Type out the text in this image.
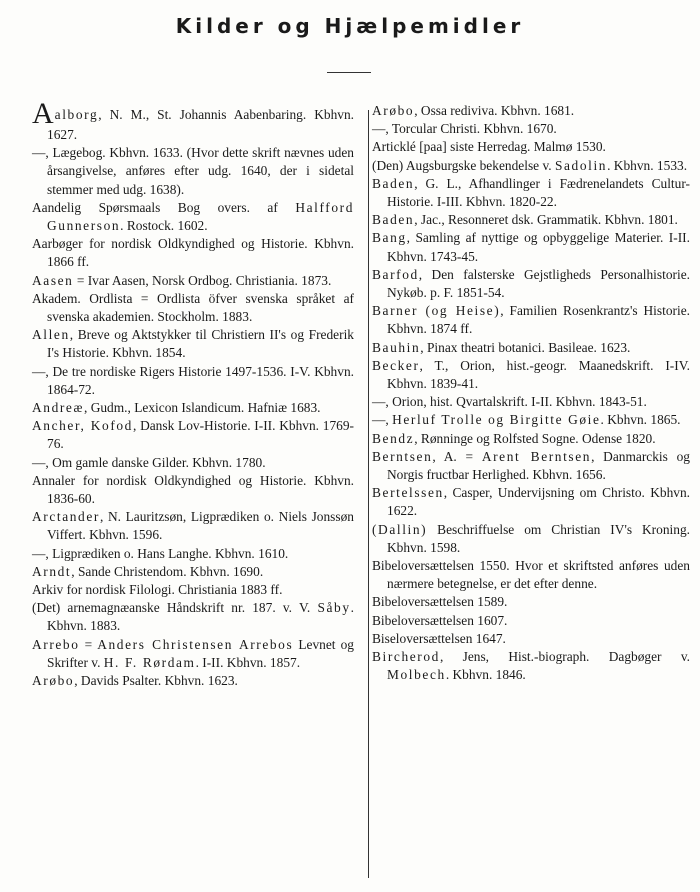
Kilder og Hjælpemidler
Aalborg, N. M., St. Johannis Aabenbaring. Kbhvn. 1627.
—, Lægebog. Kbhvn. 1633. (Hvor dette skrift nævnes uden årsangivelse, anføres efter udg. 1640, der i sidetal stemmer med udg. 1638).
Aandelig Spørsmaals Bog overs. af Halfford Gunnerson. Rostock. 1602.
Aarbøger for nordisk Oldkyndighed og Historie. Kbhvn. 1866 ff.
Aasen = Ivar Aasen, Norsk Ordbog. Christiania. 1873.
Akadem. Ordlista = Ordlista öfver svenska språket af svenska akademien. Stockholm. 1883.
Allen, Breve og Aktstykker til Christiern II's og Frederik I's Historie. Kbhvn. 1854.
—, De tre nordiske Rigers Historie 1497-1536. I-V. Kbhvn. 1864-72.
Andreæ, Gudm., Lexicon Islandicum. Hafniæ 1683.
Ancher, Kofod, Dansk Lov-Historie. I-II. Kbhvn. 1769-76.
—, Om gamle danske Gilder. Kbhvn. 1780.
Annaler for nordisk Oldkyndighed og Historie. Kbhvn. 1836-60.
Arctander, N. Lauritzsøn, Ligprædiken o. Niels Jonssøn Viffert. Kbhvn. 1596.
—, Ligprædiken o. Hans Langhe. Kbhvn. 1610.
Arndt, Sande Christendom. Kbhvn. 1690.
Arkiv for nordisk Filologi. Christiania 1883 ff.
(Det) arnemagnæanske Håndskrift nr. 187. v. V. Såby. Kbhvn. 1883.
Arrebo = Anders Christensen Arrebos Levnet og Skrifter v. H. F. Rørdam. I-II. Kbhvn. 1857.
Arøbo, Davids Psalter. Kbhvn. 1623.
Arøbo, Ossa rediviva. Kbhvn. 1681.
—, Torcular Christi. Kbhvn. 1670.
Articklé [paa] siste Herredag. Malmø 1530.
(Den) Augsburgske bekendelse v. Sadolin. Kbhvn. 1533.
Baden, G. L., Afhandlinger i Fædrenelandets Cultur-Historie. I-III. Kbhvn. 1820-22.
Baden, Jac., Resonneret dsk. Grammatik. Kbhvn. 1801.
Bang, Samling af nyttige og opbyggelige Materier. I-II. Kbhvn. 1743-45.
Barfod, Den falsterske Gejstligheds Personalhistorie. Nykøb. p. F. 1851-54.
Barner (og Heise), Familien Rosenkrantz's Historie. Kbhvn. 1874 ff.
Bauhin, Pinax theatri botanici. Basileae. 1623.
Becker, T., Orion, hist.-geogr. Maanedskrift. I-IV. Kbhvn. 1839-41.
—, Orion, hist. Qvartalskrift. I-II. Kbhvn. 1843-51.
—, Herluf Trolle og Birgitte Gøie. Kbhvn. 1865.
Bendz, Rønninge og Rolfsted Sogne. Odense 1820.
Berntsen, A. = Arent Berntsen, Danmarckis og Norgis fructbar Herlighed. Kbhvn. 1656.
Bertelssen, Casper, Undervijsning om Christo. Kbhvn. 1622.
(Dallin) Beschriffuelse om Christian IV's Kroning. Kbhvn. 1598.
Bibeloversættelsen 1550. Hvor et skriftsted anføres uden nærmere betegnelse, er det efter denne.
Bibeloversættelsen 1589.
Bibeloversættelsen 1607.
Biseloversættelsen 1647.
Bircherod, Jens, Hist.-biograph. Dagbøger v. Molbech. Kbhvn. 1846.
